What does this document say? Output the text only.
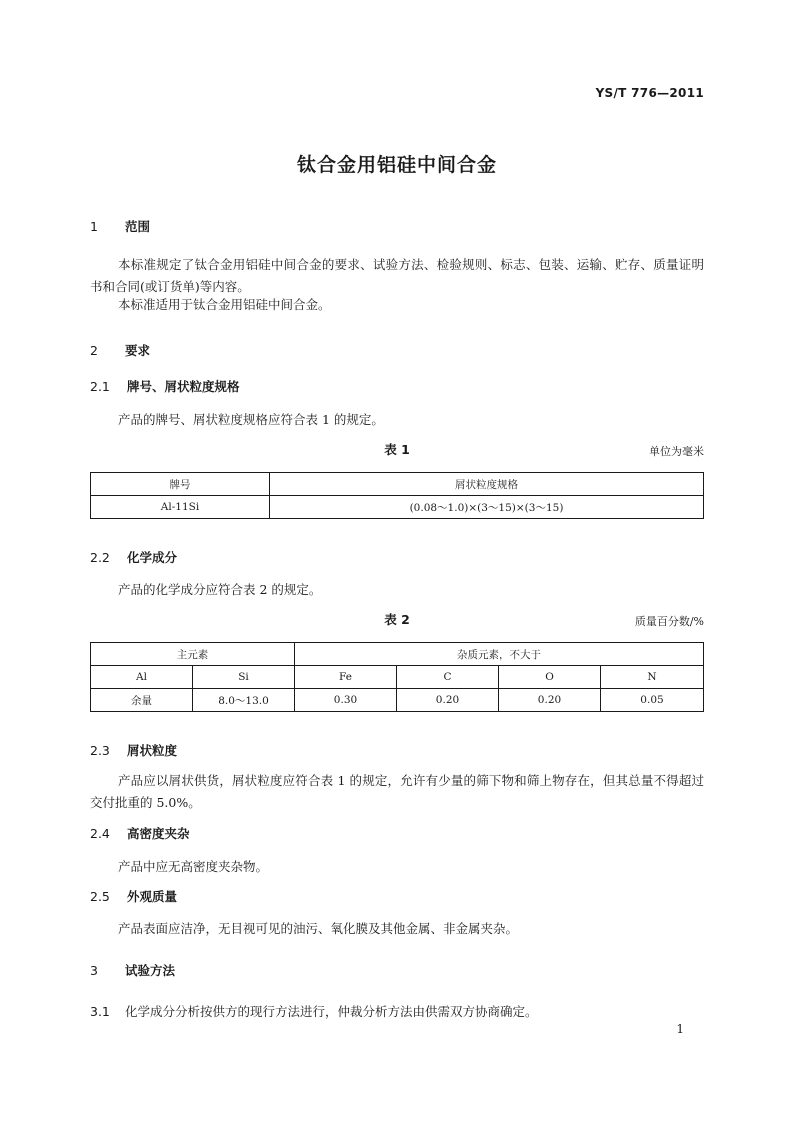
YS/T 776—2011
钛合金用铝硅中间合金
1 范围
本标准规定了钛合金用铝硅中间合金的要求、试验方法、检验规则、标志、包装、运输、贮存、质量证明书和合同(或订货单)等内容。
本标准适用于钛合金用铝硅中间合金。
2 要求
2.1 牌号、屑状粒度规格
产品的牌号、屑状粒度规格应符合表 1 的规定。
表 1	单位为毫米
牌号	屑状粒度规格
Al-11Si	(0.08～1.0)×(3～15)×(3～15)
2.2 化学成分
产品的化学成分应符合表 2 的规定。
表 2	质量百分数/%
主元素		杂质元素，不大于			
Al	Si	Fe	C	O	N
余量	8.0～13.0	0.30	0.20	0.20	0.05
2.3 屑状粒度
产品应以屑状供货，屑状粒度应符合表 1 的规定，允许有少量的筛下物和筛上物存在，但其总量不得超过交付批重的 5.0%。
2.4 高密度夹杂
产品中应无高密度夹杂物。
2.5 外观质量
产品表面应洁净，无目视可见的油污、氧化膜及其他金属、非金属夹杂。
3 试验方法
3.1 化学成分分析按供方的现行方法进行，仲裁分析方法由供需双方协商确定。
1
